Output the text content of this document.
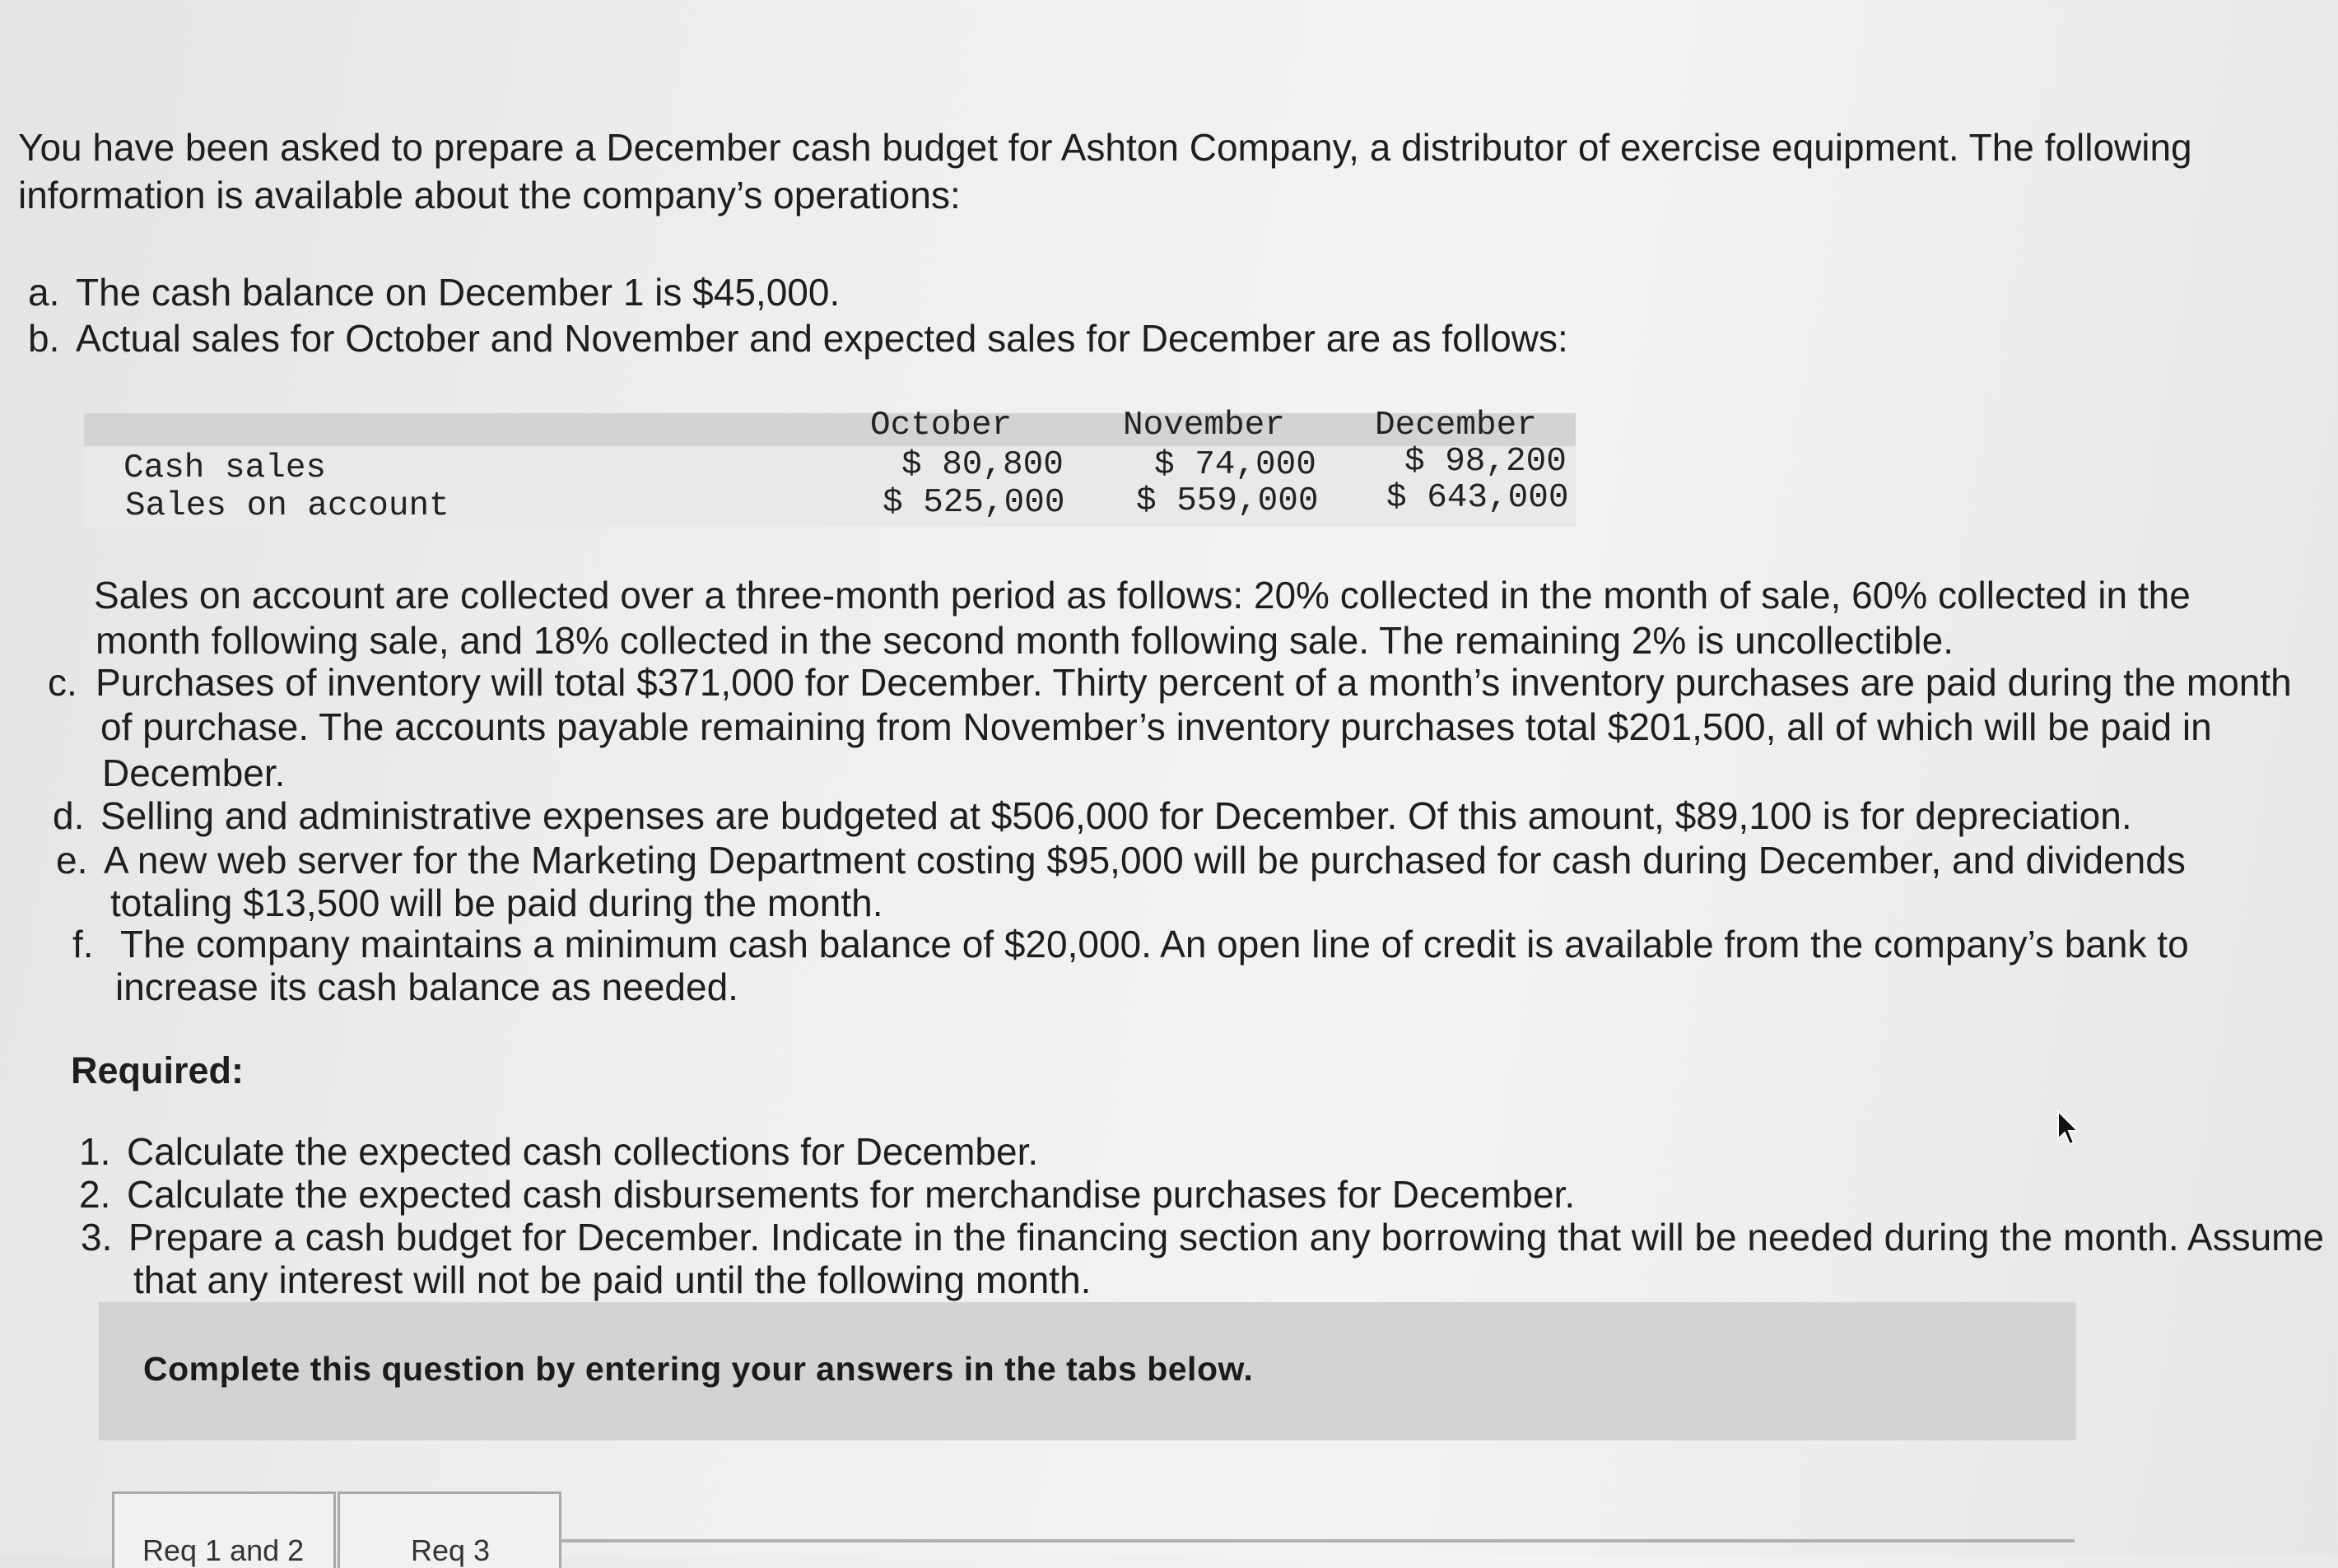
You have been asked to prepare a December cash budget for Ashton Company, a distributor of exercise equipment. The following
information is available about the company’s operations:
a. The cash balance on December 1 is $45,000.
b. Actual sales for October and November and expected sales for December are as follows:
October	November	December
Cash sales	$ 80,800	$ 74,000	$ 98,200
Sales on account	$ 525,000 $ 559,000 $ 643,000
Sales on account are collected over a three-month period as follows: 20% collected in the month of sale, 60% collected in the
month following sale, and 18% collected in the second month following sale. The remaining 2% is uncollectible.
c. Purchases of inventory will total $371,000 for December. Thirty percent of a month’s inventory purchases are paid during the month
of purchase. The accounts payable remaining from November’s inventory purchases total $201,500, all of which will be paid in
December.
d. Selling and administrative expenses are budgeted at $506,000 for December. Of this amount, $89,100 is for depreciation.
e. A new web server for the Marketing Department costing $95,000 will be purchased for cash during December, and dividends
totaling $13,500 will be paid during the month.
f. The company maintains a minimum cash balance of $20,000. An open line of credit is available from the company’s bank to
increase its cash balance as needed.
Required:
1. Calculate the expected cash collections for December.
2. Calculate the expected cash disbursements for merchandise purchases for December.
3. Prepare a cash budget for December. Indicate in the financing section any borrowing that will be needed during the month. Assume
that any interest will not be paid until the following month.
Complete this question by entering your answers in the tabs below.
Req 1 and 2	Req 3
